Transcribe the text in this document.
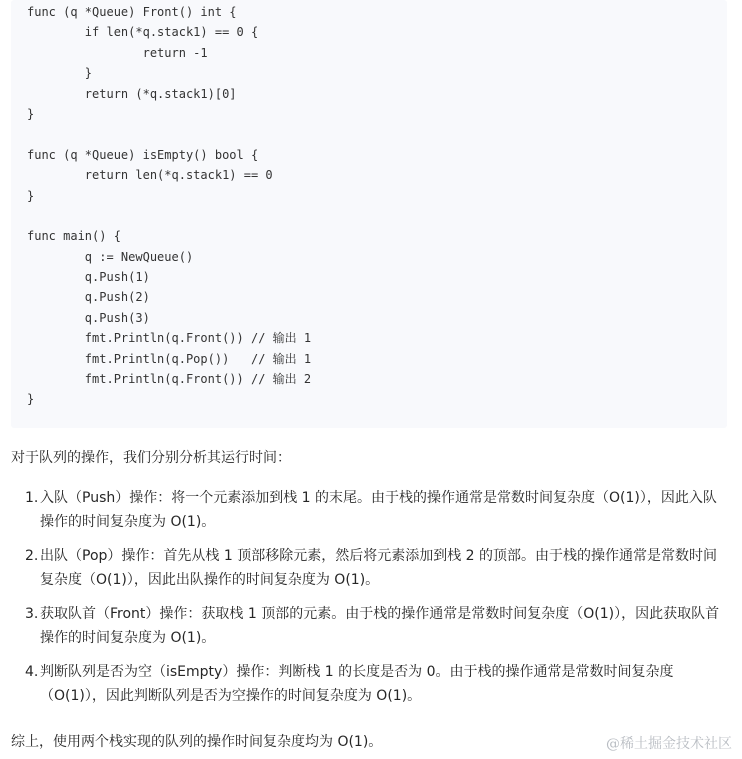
func (q *Queue) Front() int {
if len(*q.stack1) == 0 {
return -1
}
return (*q.stack1)[0]
}
func (q *Queue) isEmpty() bool {
return len(*q.stack1) == 0
}
func main() {
q := NewQueue()
q.Push(1)
q.Push(2)
q.Push(3)
fmt.Println(q.Front()) // 输出 1
fmt.Println(q.Pop())   // 输出 1
fmt.Println(q.Front()) // 输出 2
}

对于队列的操作，我们分别分析其运行时间：

1. 入队（Push）操作：将一个元素添加到栈 1 的末尾。由于栈的操作通常是常数时间复杂度（O(1)），因此入队操作的时间复杂度为 O(1)。
2. 出队（Pop）操作：首先从栈 1 顶部移除元素，然后将元素添加到栈 2 的顶部。由于栈的操作通常是常数时间复杂度（O(1)），因此出队操作的时间复杂度为 O(1)。
3. 获取队首（Front）操作：获取栈 1 顶部的元素。由于栈的操作通常是常数时间复杂度（O(1)），因此获取队首操作的时间复杂度为 O(1)。
4. 判断队列是否为空（isEmpty）操作：判断栈 1 的长度是否为 0。由于栈的操作通常是常数时间复杂度（O(1)），因此判断队列是否为空操作的时间复杂度为 O(1)。

综上，使用两个栈实现的队列的操作时间复杂度均为 O(1)。	@稀土掘金技术社区
